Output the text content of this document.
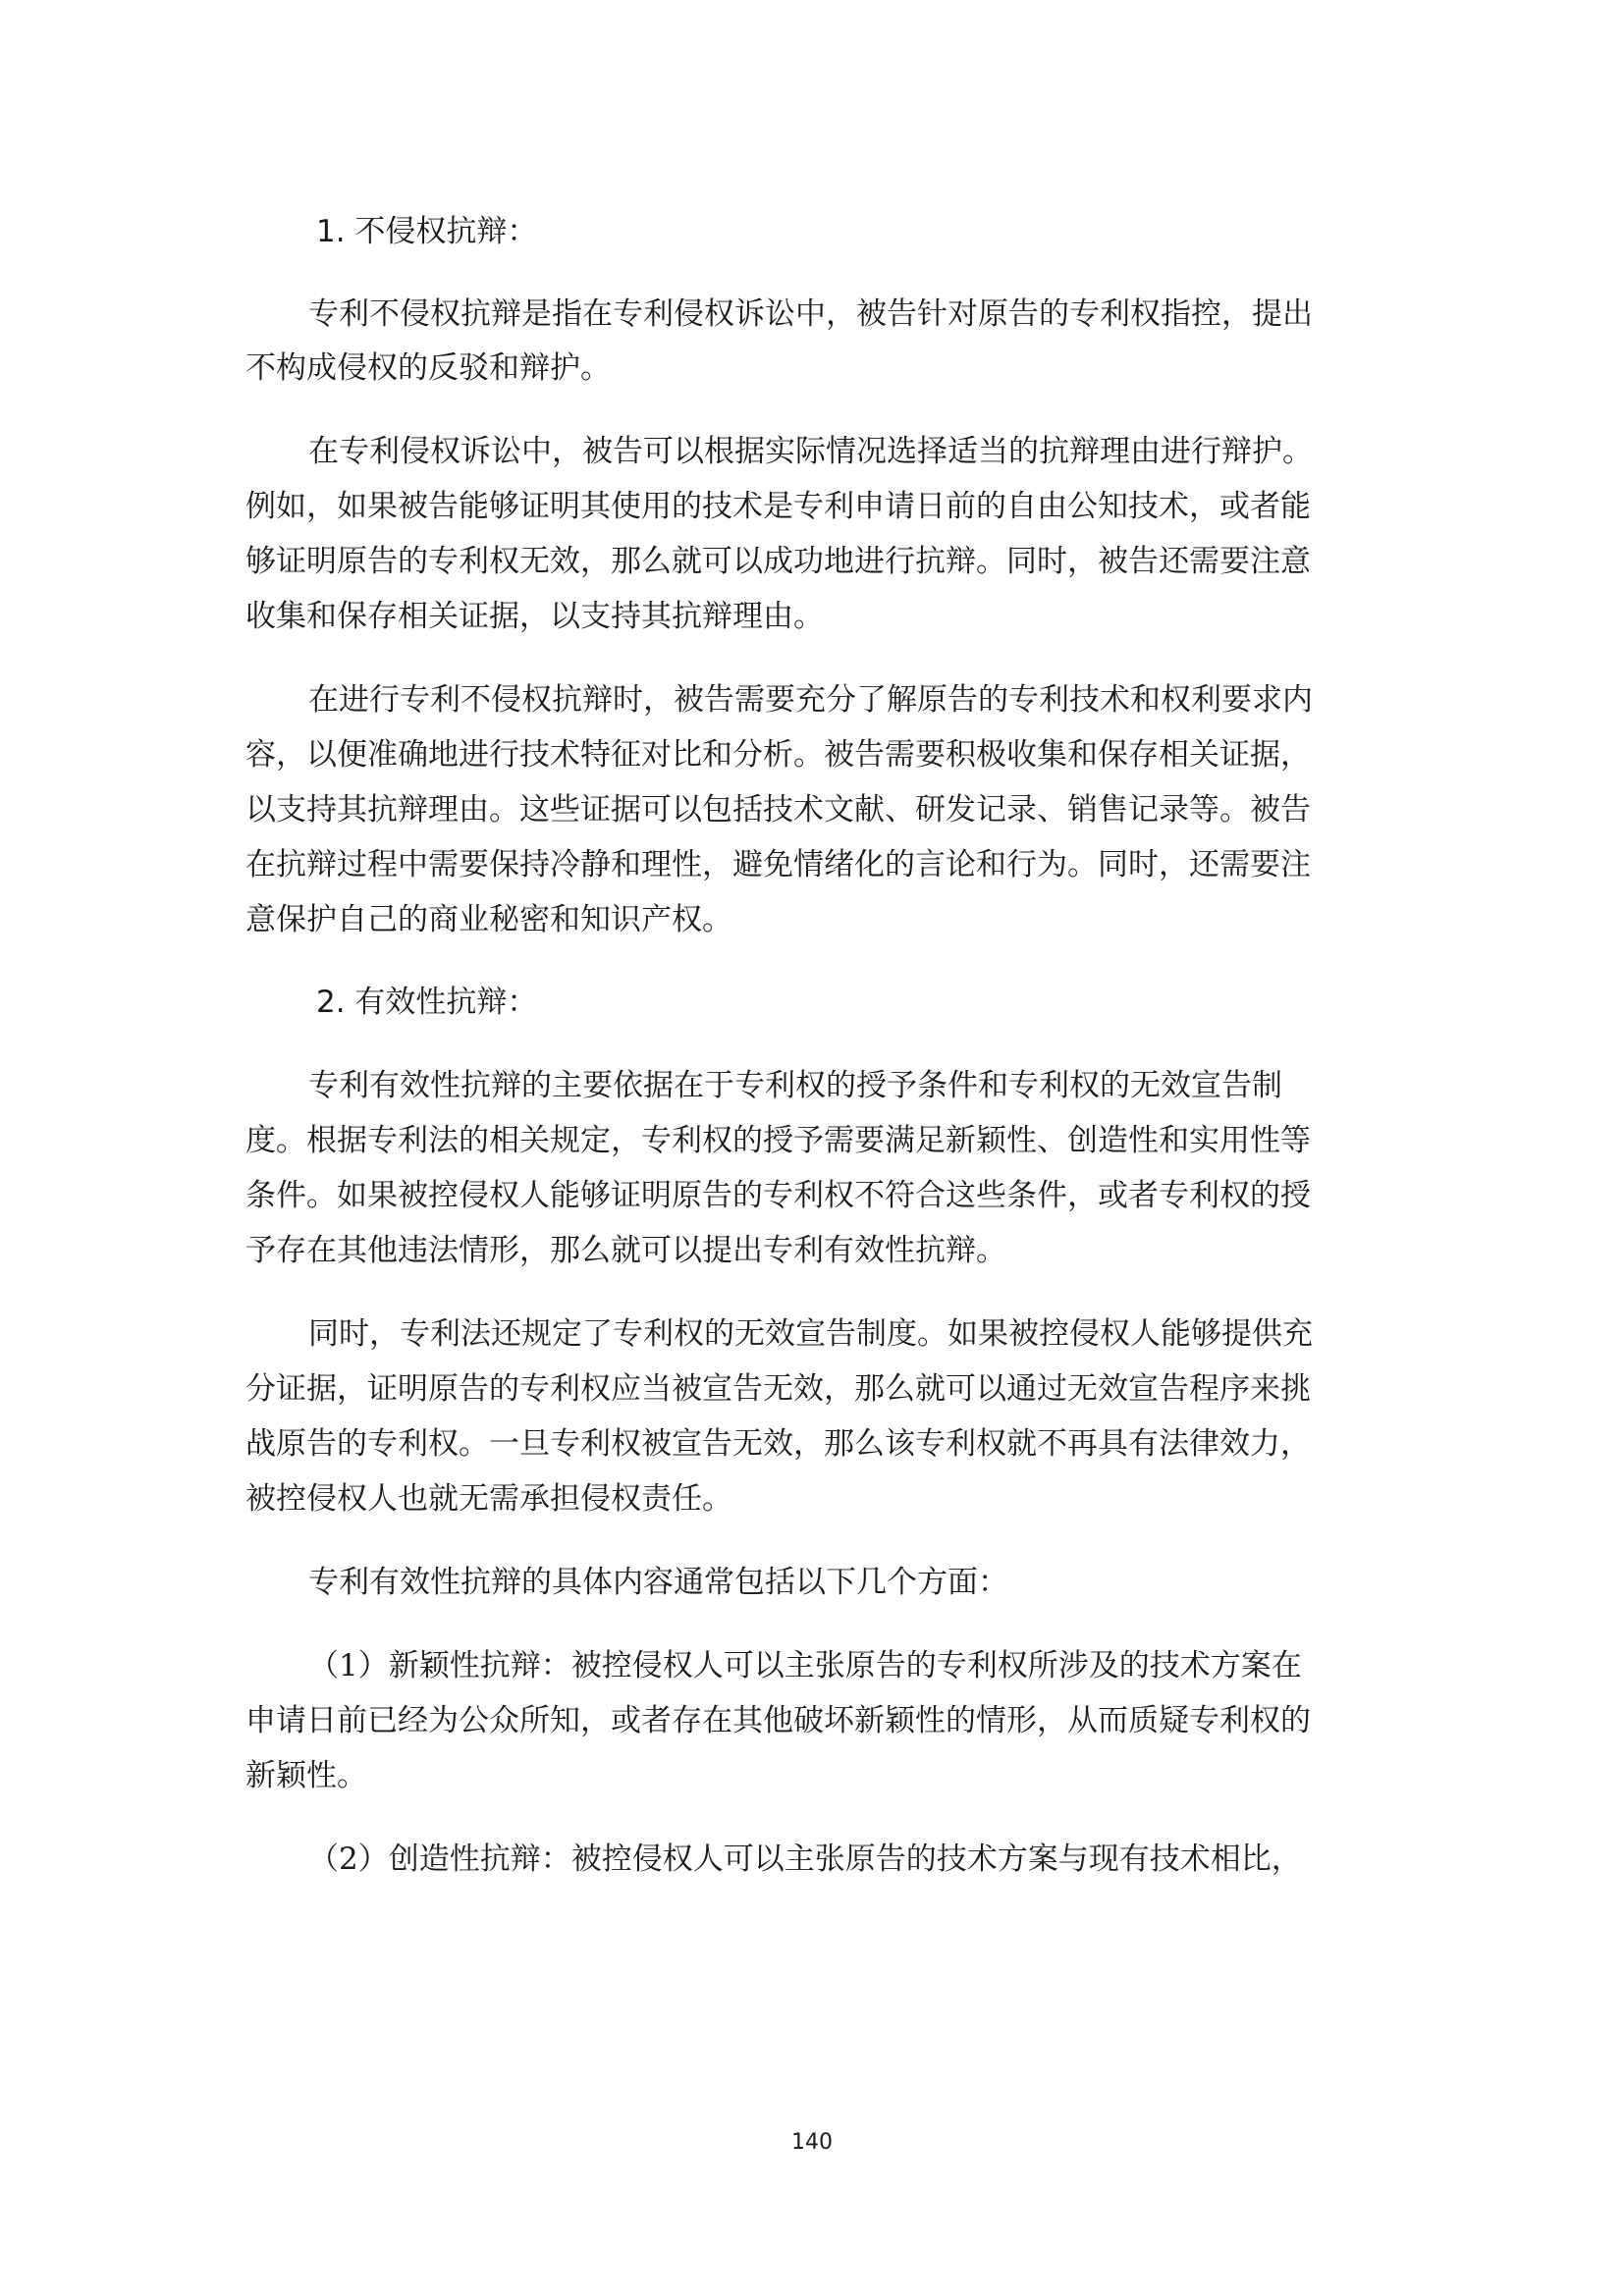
1. 不侵权抗辩：
专利不侵权抗辩是指在专利侵权诉讼中，被告针对原告的专利权指控，提出
不构成侵权的反驳和辩护。
在专利侵权诉讼中，被告可以根据实际情况选择适当的抗辩理由进行辩护。
例如，如果被告能够证明其使用的技术是专利申请日前的自由公知技术，或者能
够证明原告的专利权无效，那么就可以成功地进行抗辩。同时，被告还需要注意
收集和保存相关证据，以支持其抗辩理由。
在进行专利不侵权抗辩时，被告需要充分了解原告的专利技术和权利要求内
容，以便准确地进行技术特征对比和分析。被告需要积极收集和保存相关证据，
以支持其抗辩理由。这些证据可以包括技术文献、研发记录、销售记录等。被告
在抗辩过程中需要保持冷静和理性，避免情绪化的言论和行为。同时，还需要注
意保护自己的商业秘密和知识产权。
2. 有效性抗辩：
专利有效性抗辩的主要依据在于专利权的授予条件和专利权的无效宣告制
度。根据专利法的相关规定，专利权的授予需要满足新颖性、创造性和实用性等
条件。如果被控侵权人能够证明原告的专利权不符合这些条件，或者专利权的授
予存在其他违法情形，那么就可以提出专利有效性抗辩。
同时，专利法还规定了专利权的无效宣告制度。如果被控侵权人能够提供充
分证据，证明原告的专利权应当被宣告无效，那么就可以通过无效宣告程序来挑
战原告的专利权。一旦专利权被宣告无效，那么该专利权就不再具有法律效力，
被控侵权人也就无需承担侵权责任。
专利有效性抗辩的具体内容通常包括以下几个方面：
（1）新颖性抗辩：被控侵权人可以主张原告的专利权所涉及的技术方案在
申请日前已经为公众所知，或者存在其他破坏新颖性的情形，从而质疑专利权的
新颖性。
（2）创造性抗辩：被控侵权人可以主张原告的技术方案与现有技术相比，
140
